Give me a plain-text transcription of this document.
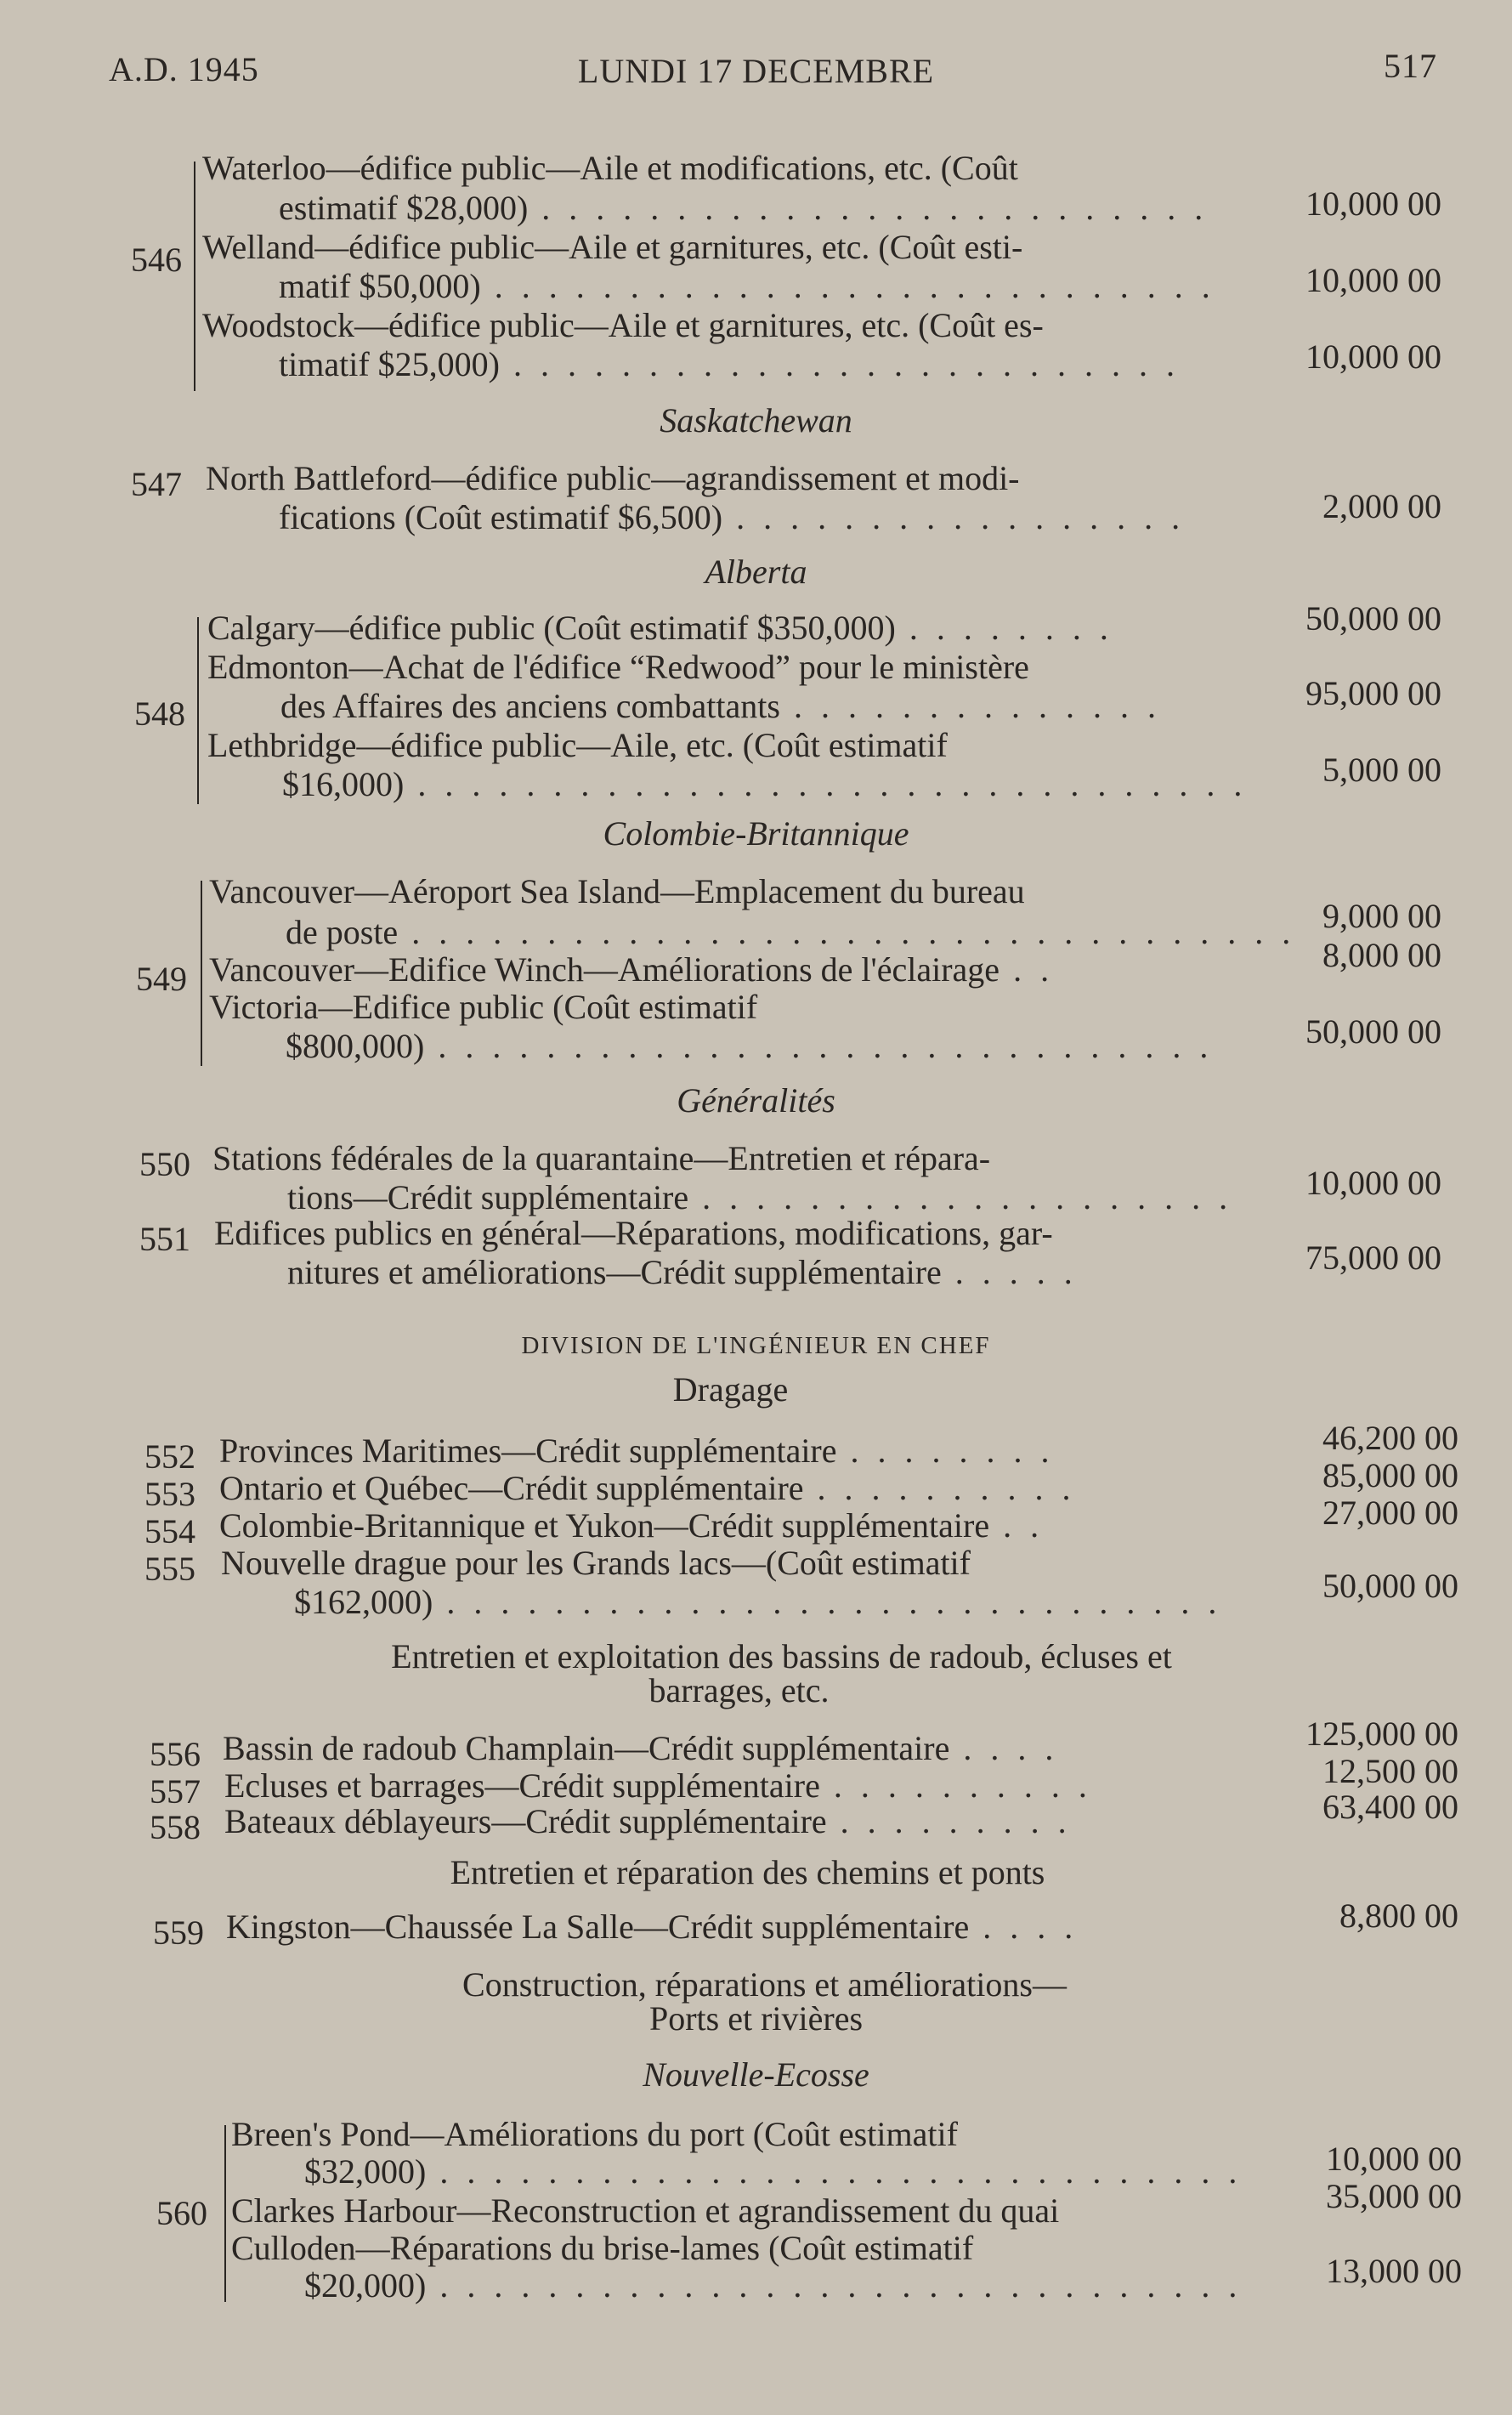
A.D. 1945	LUNDI 17 DECEMBRE	517
546
Waterloo—édifice public—Aile et modifications, etc. (Coût
estimatif $28,000) . . . . . . . . . . . . . . . . . . . . . . . . .	10,000 00
Welland—édifice public—Aile et garnitures, etc. (Coût esti-
matif $50,000) . . . . . . . . . . . . . . . . . . . . . . . . . . .	10,000 00
Woodstock—édifice public—Aile et garnitures, etc. (Coût es-
timatif $25,000) . . . . . . . . . . . . . . . . . . . . . . . . .	10,000 00
Saskatchewan
547 North Battleford—édifice public—agrandissement et modi-
fications (Coût estimatif $6,500) . . . . . . . . . . . . . . . . .	2,000 00
Alberta
548
Calgary—édifice public (Coût estimatif $350,000) . . . . . . . .	50,000 00
Edmonton—Achat de l'édifice “Redwood” pour le ministère
des Affaires des anciens combattants . . . . . . . . . . . . . .	95,000 00
Lethbridge—édifice public—Aile, etc. (Coût estimatif
$16,000) . . . . . . . . . . . . . . . . . . . . . . . . . . . . . . .	5,000 00
Colombie-Britannique
549
Vancouver—Aéroport Sea Island—Emplacement du bureau
de poste . . . . . . . . . . . . . . . . . . . . . . . . . . . . . . . . . 9,000 00
Vancouver—Edifice Winch—Améliorations de l'éclairage . .	8,000 00
Victoria—Edifice public (Coût estimatif
$800,000) . . . . . . . . . . . . . . . . . . . . . . . . . . . . .	50,000 00
Généralités
550 Stations fédérales de la quarantaine—Entretien et répara-
tions—Crédit supplémentaire . . . . . . . . . . . . . . . . . . . .	10,000 00
551 Edifices publics en général—Réparations, modifications, gar-
nitures et améliorations—Crédit supplémentaire . . . . .	75,000 00
DIVISION DE L'INGÉNIEUR EN CHEF
Dragage
552 Provinces Maritimes—Crédit supplémentaire . . . . . . . .	46,200 00
553 Ontario et Québec—Crédit supplémentaire . . . . . . . . . .	85,000 00
554 Colombie-Britannique et Yukon—Crédit supplémentaire . .	27,000 00
555 Nouvelle drague pour les Grands lacs—(Coût estimatif
$162,000) . . . . . . . . . . . . . . . . . . . . . . . . . . . . .	50,000 00
Entretien et exploitation des bassins de radoub, écluses et
barrages, etc.
556 Bassin de radoub Champlain—Crédit supplémentaire . . . .	125,000 00
557 Ecluses et barrages—Crédit supplémentaire . . . . . . . . . .	12,500 00
558 Bateaux déblayeurs—Crédit supplémentaire . . . . . . . . .	63,400 00
Entretien et réparation des chemins et ponts
559 Kingston—Chaussée La Salle—Crédit supplémentaire . . . .	8,800 00
Construction, réparations et améliorations—
Ports et rivières
Nouvelle-Ecosse
560
Breen's Pond—Améliorations du port (Coût estimatif
$32,000) . . . . . . . . . . . . . . . . . . . . . . . . . . . . . .	10,000 00
Clarkes Harbour—Reconstruction et agrandissement du quai	35,000 00
Culloden—Réparations du brise-lames (Coût estimatif
$20,000) . . . . . . . . . . . . . . . . . . . . . . . . . . . . . .	13,000 00
